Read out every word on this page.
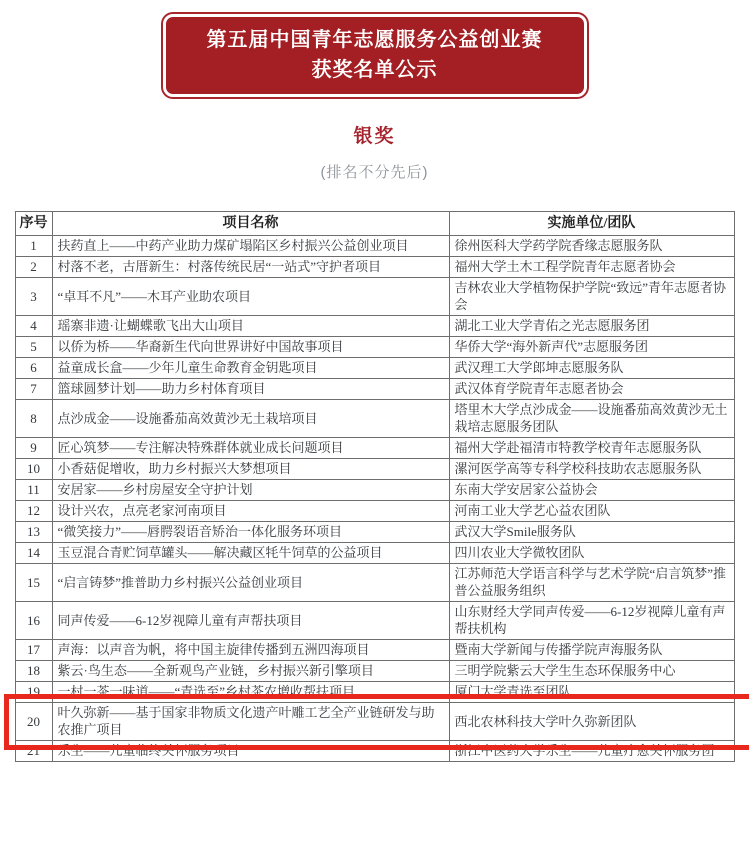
第五届中国青年志愿服务公益创业赛
获奖名单公示
银奖
(排名不分先后)
序号	项目名称	实施单位/团队
1	扶药直上——中药产业助力煤矿塌陷区乡村振兴公益创业项目	徐州医科大学药学院香缘志愿服务队
2	村落不老，古厝新生：村落传统民居“一站式”守护者项目	福州大学土木工程学院青年志愿者协会
3	“卓耳不凡”——木耳产业助农项目	吉林农业大学植物保护学院“致远”青年志愿者协会
4	瑶寨非遗·让蝴蝶歌飞出大山项目	湖北工业大学青佑之光志愿服务团
5	以侨为桥——华裔新生代向世界讲好中国故事项目	华侨大学“海外新声代”志愿服务团
6	益童成长盒——少年儿童生命教育金钥匙项目	武汉理工大学郎坤志愿服务队
7	篮球圆梦计划——助力乡村体育项目	武汉体育学院青年志愿者协会
8	点沙成金——设施番茄高效黄沙无土栽培项目	塔里木大学点沙成金——设施番茄高效黄沙无土栽培志愿服务团队
9	匠心筑梦——专注解决特殊群体就业成长问题项目	福州大学赴福清市特教学校青年志愿服务队
10	小香菇促增收，助力乡村振兴大梦想项目	漯河医学高等专科学校科技助农志愿服务队
11	安居家——乡村房屋安全守护计划	东南大学安居家公益协会
12	设计兴农，点亮老家河南项目	河南工业大学艺心益农团队
13	“微笑接力”——唇腭裂语音矫治一体化服务环项目	武汉大学Smile服务队
14	玉豆混合青贮饲草罐头——解决藏区牦牛饲草的公益项目	四川农业大学微牧团队
15	“启言铸梦”推普助力乡村振兴公益创业项目	江苏师范大学语言科学与艺术学院“启言筑梦”推普公益服务组织
16	同声传爱——6-12岁视障儿童有声帮扶项目	山东财经大学同声传爱——6-12岁视障儿童有声帮扶机构
17	声海：以声音为帆，将中国主旋律传播到五洲四海项目	暨南大学新闻与传播学院声海服务队
18	紫云·鸟生态——全新观鸟产业链，乡村振兴新引擎项目	三明学院紫云大学生生态环保服务中心
19	一村一茶一味道——“青选至”乡村茶农增收帮扶项目	厦门大学青选至团队
20	叶久弥新——基于国家非物质文化遗产叶雕工艺全产业链研发与助农推广项目	西北农林科技大学叶久弥新团队
21	乐生——儿童临终关怀服务项目	浙江中医药大学乐生——儿童疗愈关怀服务团
